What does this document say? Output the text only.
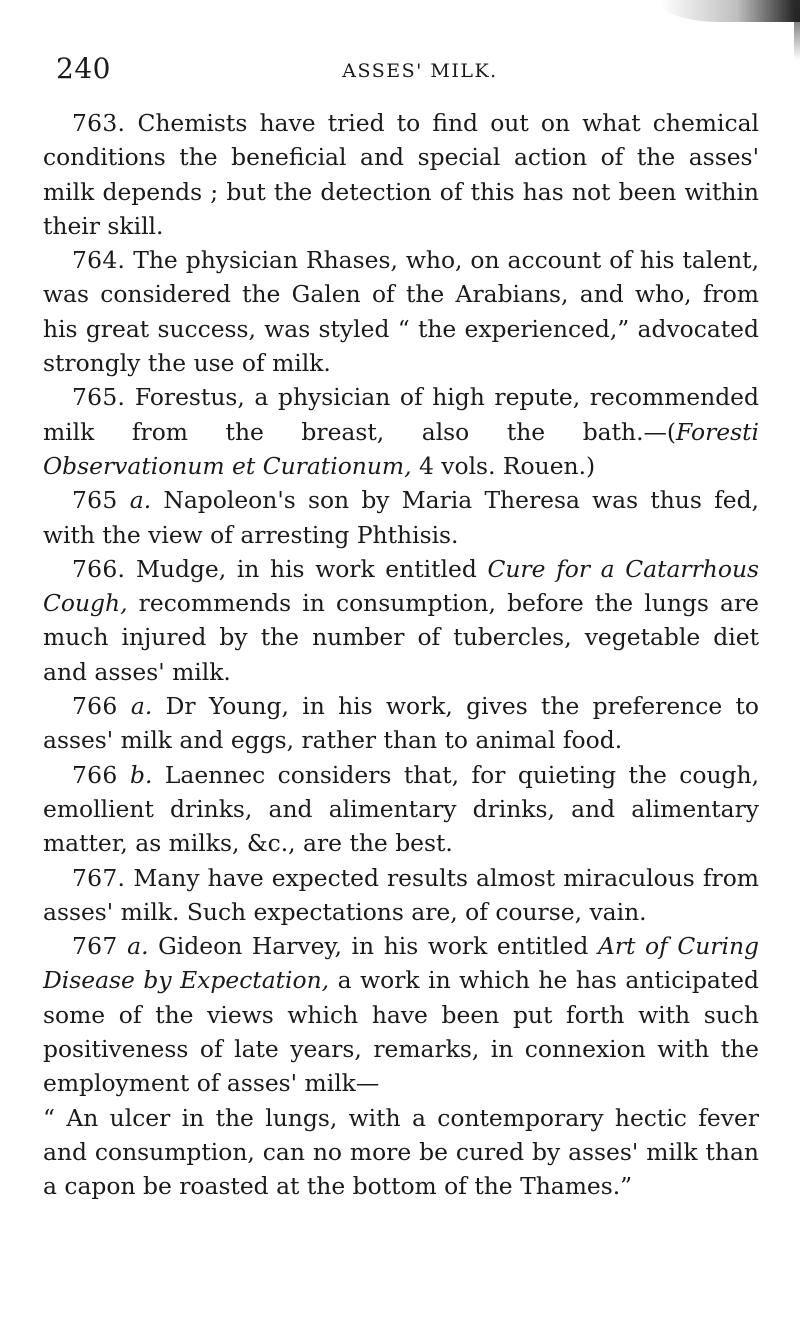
240	ASSES' MILK.

763. Chemists have tried to find out on what chemical conditions the beneficial and special action of the asses' milk depends ; but the detection of this has not been within their skill.

764. The physician Rhases, who, on account of his talent, was considered the Galen of the Arabians, and who, from his great success, was styled “ the experienced,” advocated strongly the use of milk.

765. Forestus, a physician of high repute, recommended milk from the breast, also the bath.—(Foresti Observationum et Curationum, 4 vols. Rouen.)

765 a. Napoleon's son by Maria Theresa was thus fed, with the view of arresting Phthisis.

766. Mudge, in his work entitled Cure for a Catarrhous Cough, recommends in consumption, before the lungs are much injured by the number of tubercles, vegetable diet and asses' milk.

766 a. Dr Young, in his work, gives the preference to asses' milk and eggs, rather than to animal food.

766 b. Laennec considers that, for quieting the cough, emollient drinks, and alimentary drinks, and alimentary matter, as milks, &c., are the best.

767. Many have expected results almost miraculous from asses' milk. Such expectations are, of course, vain.

767 a. Gideon Harvey, in his work entitled Art of Curing Disease by Expectation, a work in which he has anticipated some of the views which have been put forth with such positiveness of late years, remarks, in connexion with the employment of asses' milk—

“ An ulcer in the lungs, with a contemporary hectic fever and consumption, can no more be cured by asses' milk than a capon be roasted at the bottom of the Thames.”
